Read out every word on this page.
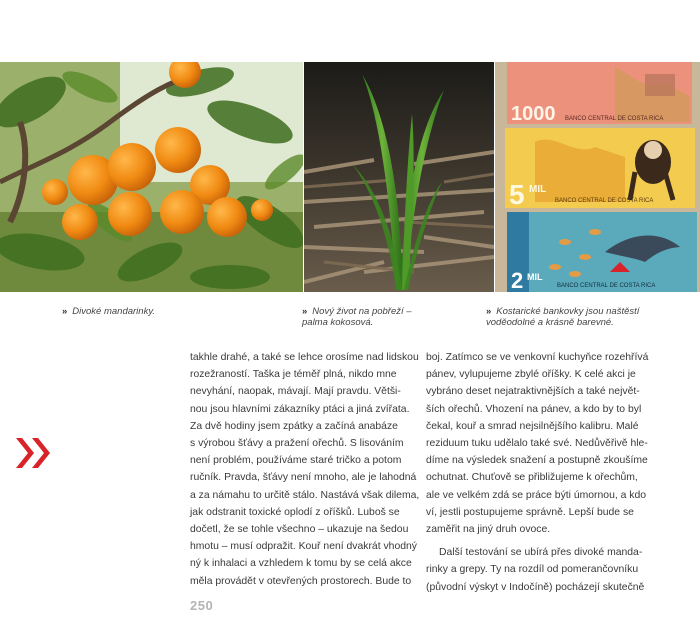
1000 BANCO CENTRAL DE COSTA RICA
5 MIL
BANCO CENTRAL DE COSTA RICA
2 MIL
BANCO CENTRAL DE COSTA RICA
» Divoké mandarinky.	» Nový život na pobřeží –
palma kokosová.
» Kostarické bankovky jsou naštěstí
voděodolné a krásně barevné.

takhle drahé, a také se lehce orosíme nad lidskou
rozežraností. Taška je téměř plná, nikdo mne
nevyhání, naopak, mávají. Mají pravdu. Větši-
nou jsou hlavními zákazníky ptáci a jiná zvířata.
Za dvě hodiny jsem zpátky a začíná anabáze
s výrobou šťávy a pražení ořechů. S lisováním
není problém, používáme staré tričko a potom
ručník. Pravda, šťávy není mnoho, ale je lahodná
a za námahu to určitě stálo. Nastává však dilema,
jak odstranit toxické oplodí z oříšků. Luboš se
dočetl, že se tohle všechno – ukazuje na šedou
hmotu – musí odpražit. Kouř není dvakrát vhodný
ný k inhalaci a vzhledem k tomu by se celá akce
měla provádět v otevřených prostorech. Bude to

boj. Zatímco se ve venkovní kuchyňce rozehřívá
pánev, vylupujeme zbylé oříšky. K celé akci je
vybráno deset nejatraktivnějších a také největ-
ších ořechů. Vhození na pánev, a kdo by to byl
čekal, kouř a smrad nejsilnějšího kalibru. Malé
reziduum tuku udělalo také své. Nedůvěřivě hle-
díme na výsledek snažení a postupně zkoušíme
ochutnat. Chuťově se přibližujeme k ořechům,
ale ve velkém zdá se práce býti úmornou, a kdo
ví, jestli postupujeme správně. Lepší bude se
zaměřit na jiný druh ovoce.

Další testování se ubírá přes divoké manda-
rinky a grepy. Ty na rozdíl od pomerančovníku
(původní výskyt v Indočíně) pocházejí skutečně

250
